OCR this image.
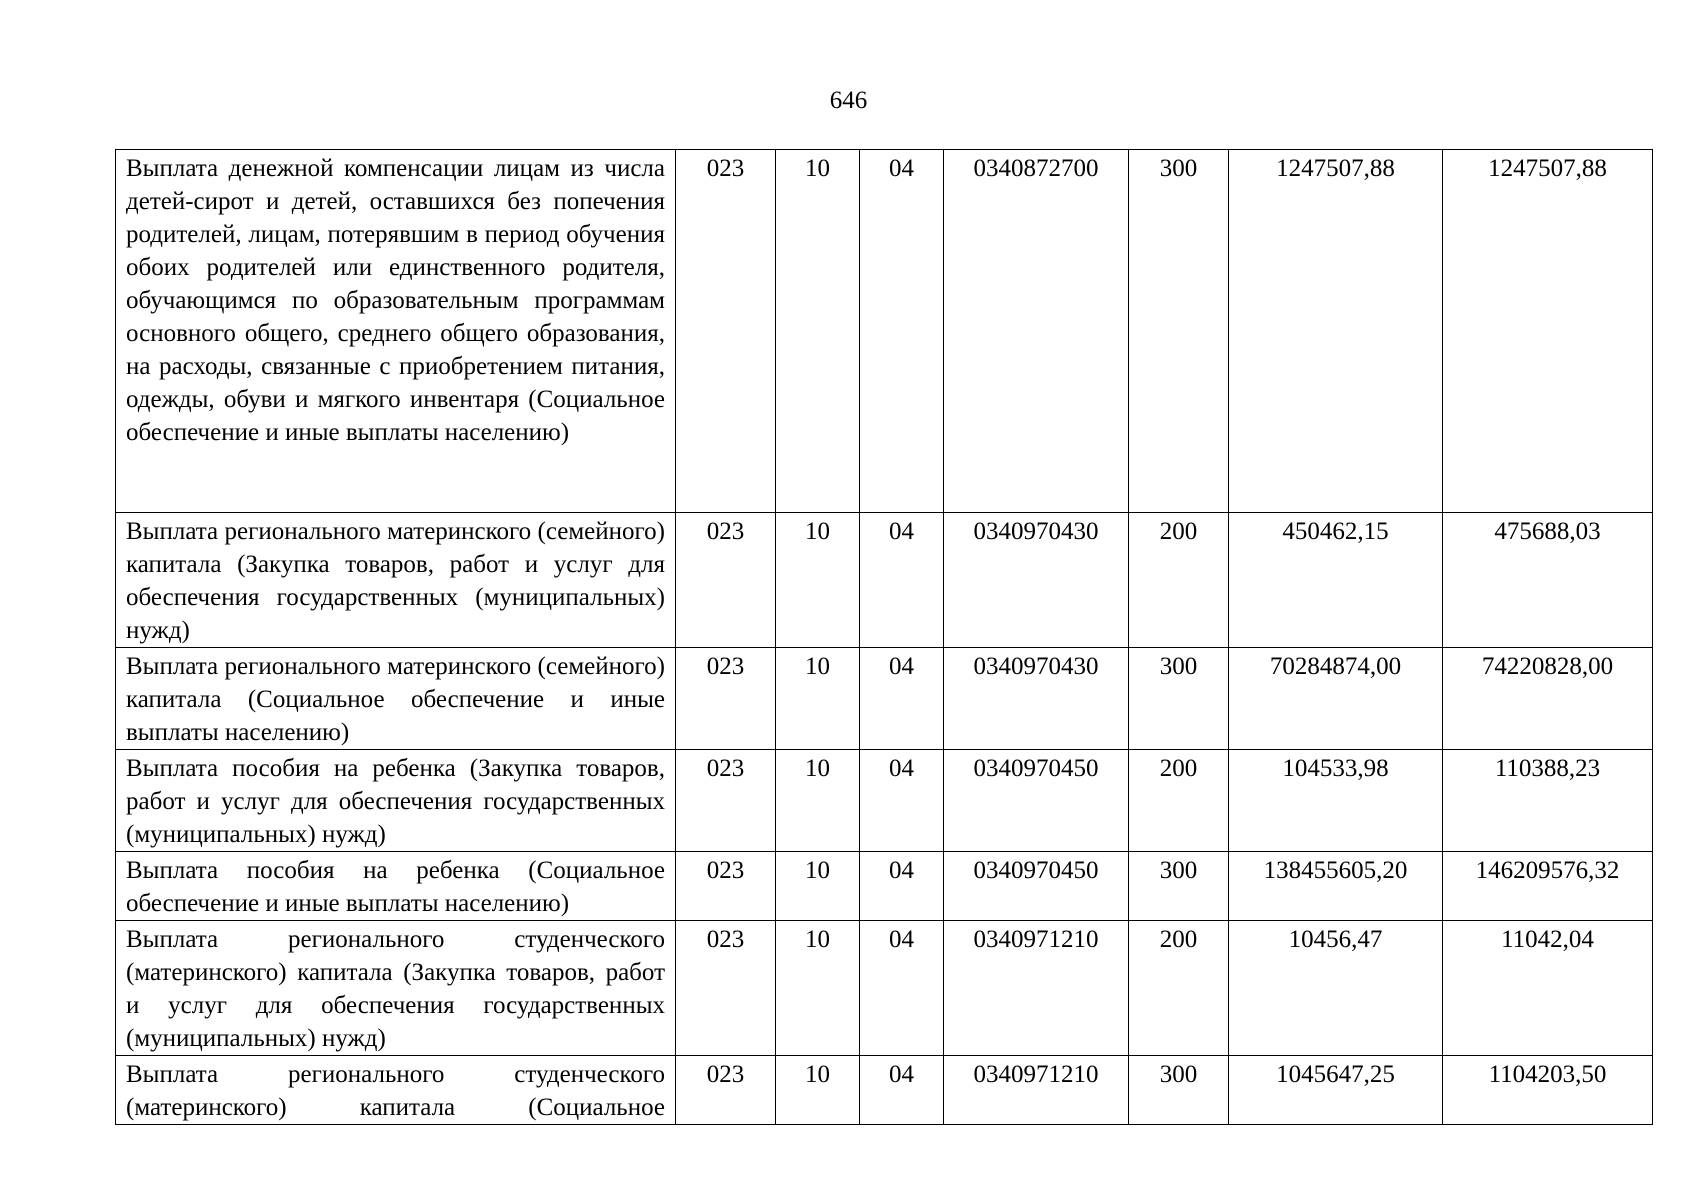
646
Выплата денежной компенсации лицам из числа детей-сирот и детей, оставшихся без попечения родителей, лицам, потерявшим в период обучения обоих родителей или единственного родителя, обучающимся по образовательным программам основного общего, среднего общего образования, на расходы, связанные с приобретением питания, одежды, обуви и мягкого инвентаря (Социальное обеспечение и иные выплаты населению)	023	10	04	0340872700	300	1247507,88	1247507,88
Выплата регионального материнского (семейного) капитала (Закупка товаров, работ и услуг для обеспечения государственных (муниципальных) нужд)	023	10	04	0340970430	200	450462,15	475688,03
Выплата регионального материнского (семейного) капитала (Социальное обеспечение и иные выплаты населению)	023	10	04	0340970430	300	70284874,00	74220828,00
Выплата пособия на ребенка (Закупка товаров, работ и услуг для обеспечения государственных (муниципальных) нужд)	023	10	04	0340970450	200	104533,98	110388,23
Выплата пособия на ребенка (Социальное обеспечение и иные выплаты населению)	023	10	04	0340970450	300	138455605,20	146209576,32
Выплата регионального студенческого (материнского) капитала (Закупка товаров, работ и услуг для обеспечения государственных (муниципальных) нужд)	023	10	04	0340971210	200	10456,47	11042,04
Выплата регионального студенческого (материнского) капитала (Социальное	023	10	04	0340971210	300	1045647,25	1104203,50
